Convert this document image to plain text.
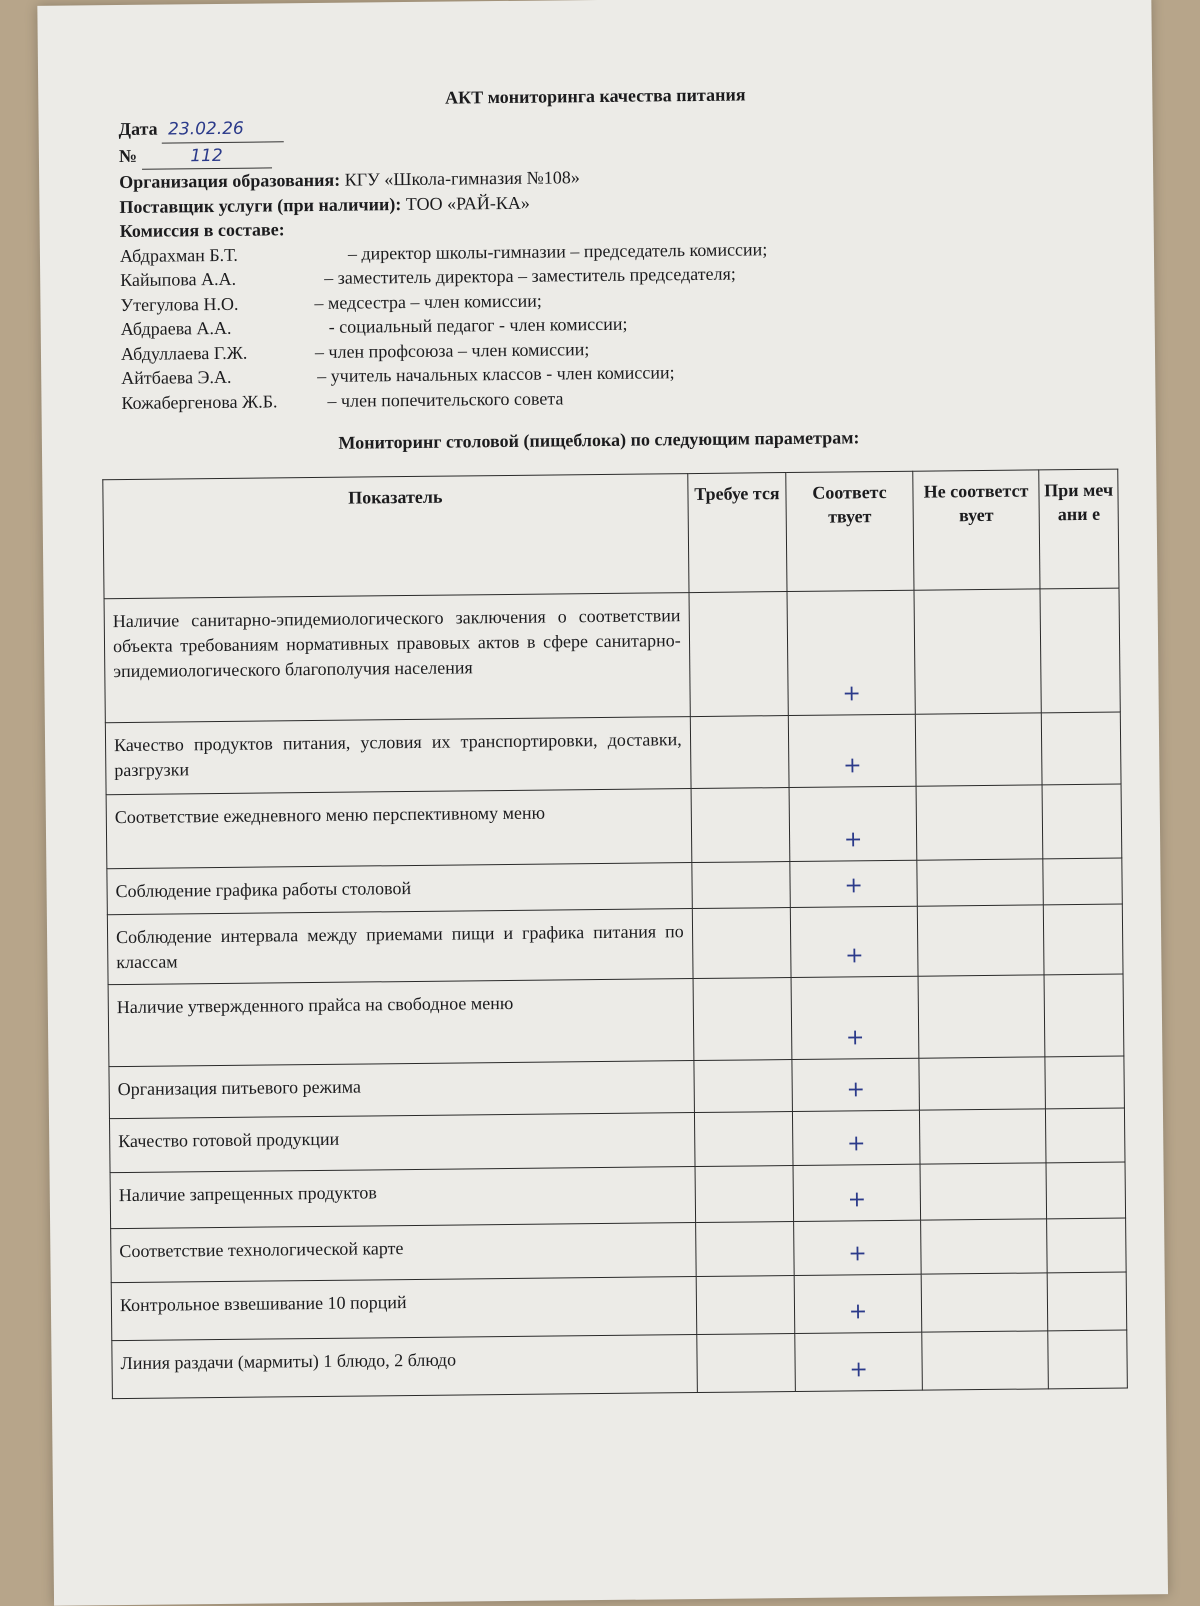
АКТ мониторинга качества питания
Дата 23.02.26
№	112
Организация образования: КГУ «Школа-гимназия №108»
Поставщик услуги (при наличии): ТОО «РАЙ-КА»
Комиссия в составе:
Абдрахман Б.Т.	– директор школы-гимназии – председатель комиссии;
Кайыпова А.А.	– заместитель директора – заместитель председателя;
Утегулова Н.О.	– медсестра – член комиссии;
Абдраева А.А.	- социальный педагог - член комиссии;
Абдуллаева Г.Ж.	– член профсоюза – член комиссии;
Айтбаева Э.А.	– учитель начальных классов - член комиссии;
Кожабергенова Ж.Б.	– член попечительского совета
Мониторинг столовой (пищеблока) по следующим параметрам:
Показатель	Требуе тся	Соответс твует	Не соответст вует	При меч ани е
Наличие санитарно-эпидемиологического заключения о соответствии объекта требованиям нормативных правовых актов в сфере санитарно-эпидемиологического благополучия населения		+		
Качество продуктов питания, условия их транспортировки, доставки, разгрузки		+		
Соответствие ежедневного меню перспективному меню		+		
Соблюдение графика работы столовой		+		
Соблюдение интервала между приемами пищи и графика питания по классам		+		
Наличие утвержденного прайса на свободное меню		+		
Организация питьевого режима		+		
Качество готовой продукции		+		
Наличие запрещенных продуктов		+		
Соответствие технологической карте		+		
Контрольное взвешивание 10 порций		+		
Линия раздачи (мармиты) 1 блюдо, 2 блюдо		+		
